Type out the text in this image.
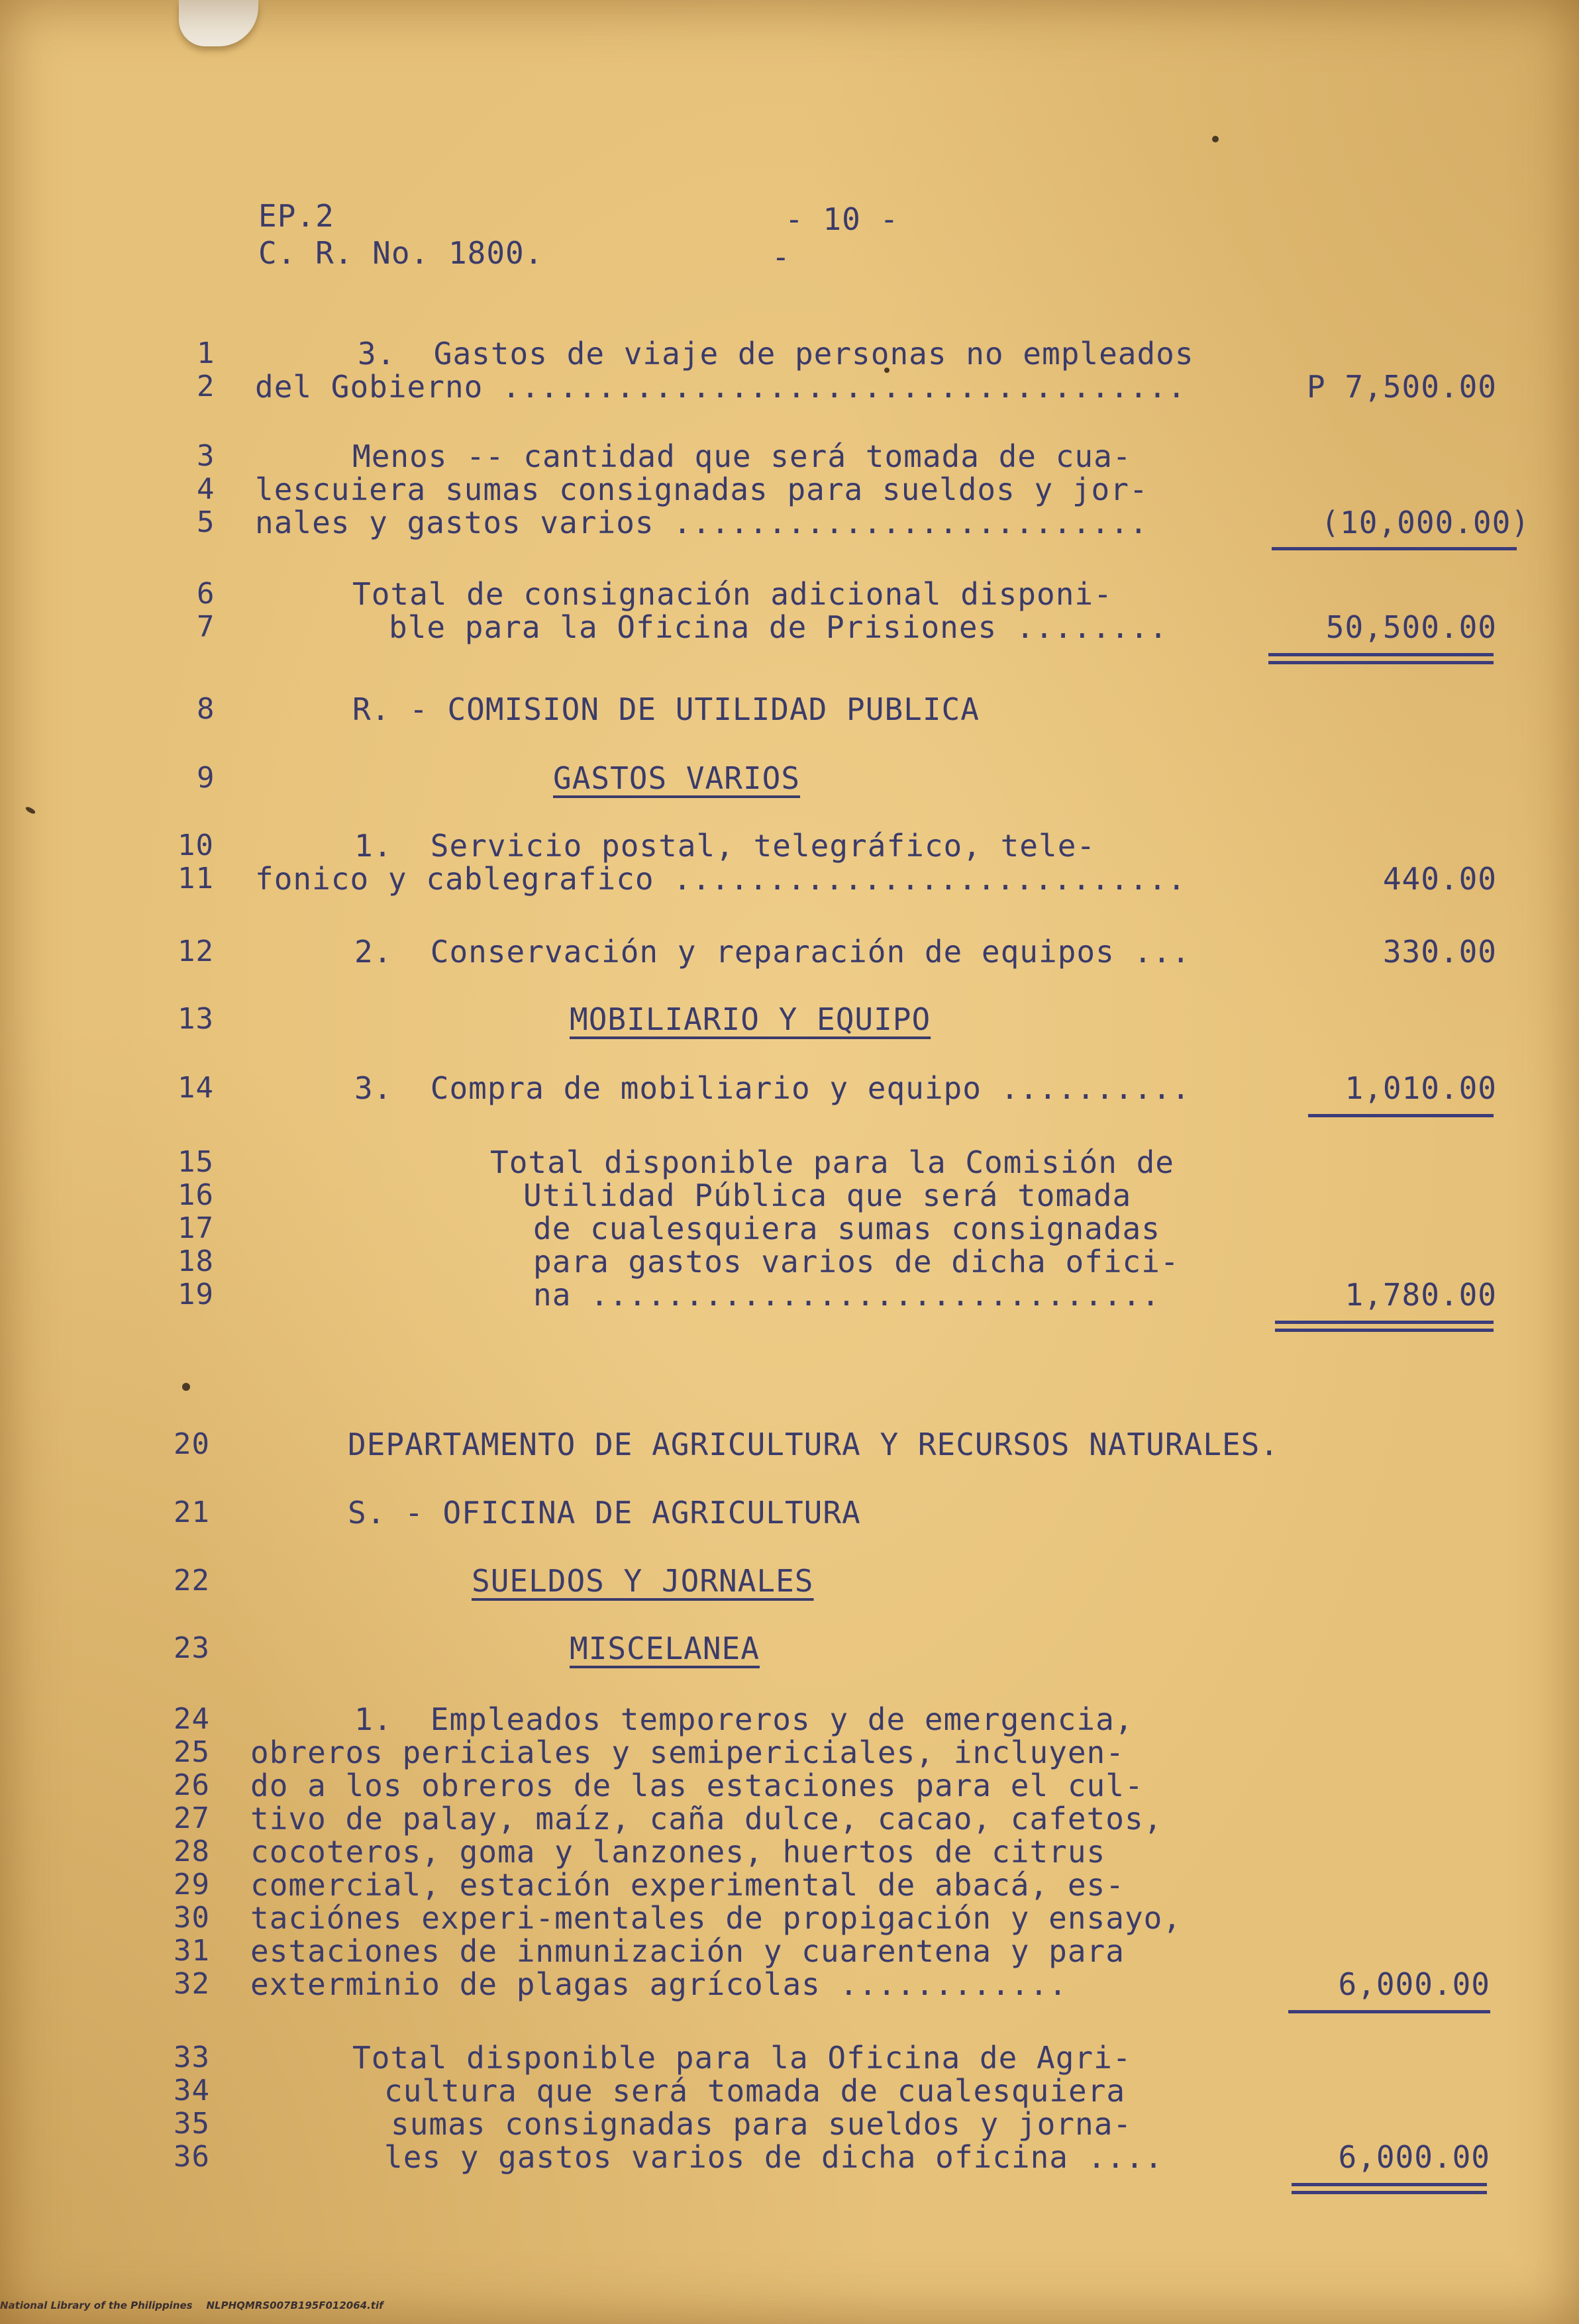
EP.2	- 10 -
C. R. No. 1800.	-
1
2
3
4
5
6
7
8
9
10
11
12
13
14
15
16
17
18
19
20
21
22
23
24
25
26
27
28
29
30
31
32
33
34
35
36
3.  Gastos de viaje de personas no empleados
del Gobierno ....................................
Menos -- cantidad que será tomada de cua-
lescuiera sumas consignadas para sueldos y jor-
nales y gastos varios .........................
Total de consignación adicional disponi-
ble para la Oficina de Prisiones ........
R. - COMISION DE UTILIDAD PUBLICA
GASTOS VARIOS
1.  Servicio postal, telegráfico, tele-
fonico y cablegrafico ...........................
2.  Conservación y reparación de equipos ...
MOBILIARIO Y EQUIPO
3.  Compra de mobiliario y equipo ..........
Total disponible para la Comisión de
Utilidad Pública que será tomada
de cualesquiera sumas consignadas
para gastos varios de dicha ofici-
na ..............................
DEPARTAMENTO DE AGRICULTURA Y RECURSOS NATURALES.
S. - OFICINA DE AGRICULTURA
SUELDOS Y JORNALES
MISCELANEA
1.  Empleados temporeros y de emergencia,
obreros periciales y semipericiales, incluyen-
do a los obreros de las estaciones para el cul-
tivo de palay, maíz, caña dulce, cacao, cafetos,
cocoteros, goma y lanzones, huertos de citrus
comercial, estación experimental de abacá, es-
taciónes experi-mentales de propigación y ensayo,
estaciones de inmunización y cuarentena y para
exterminio de plagas agrícolas ............
Total disponible para la Oficina de Agri-
cultura que será tomada de cualesquiera
sumas consignadas para sueldos y jorna-
les y gastos varios de dicha oficina ....
P 7,500.00
(10,000.00)
50,500.00
440.00
330.00
1,010.00
1,780.00
6,000.00
6,000.00
National Library of the Philippines    NLPHQMRS007B195F012064.tif
